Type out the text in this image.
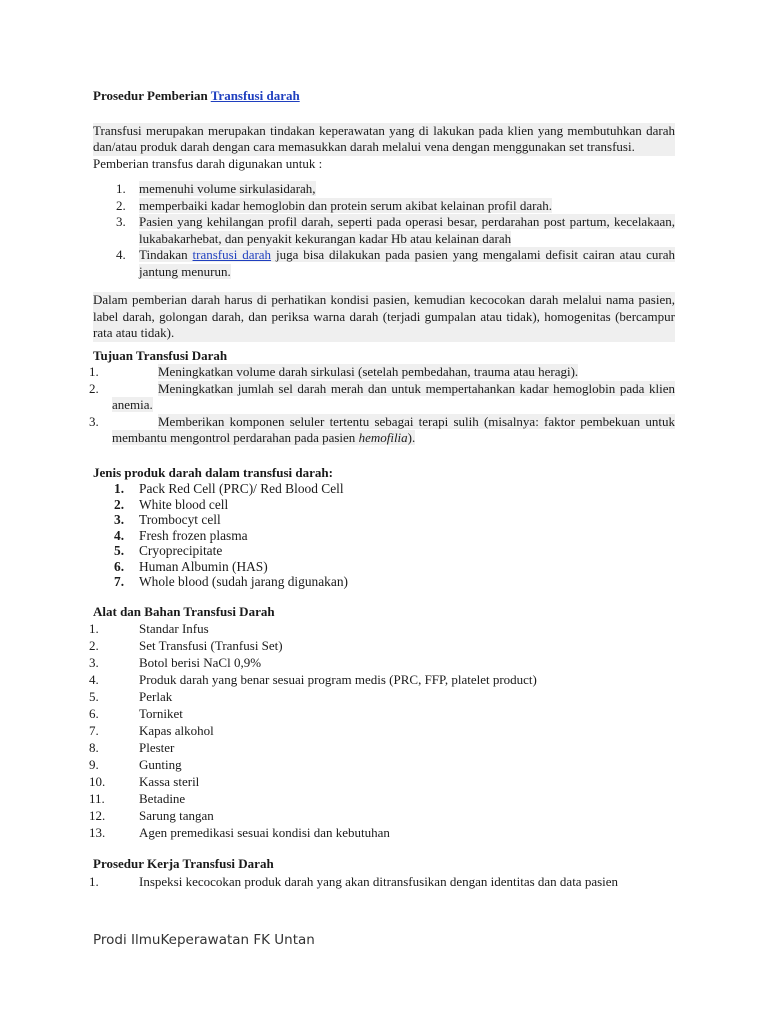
Prosedur Pemberian Transfusi darah

Transfusi merupakan merupakan tindakan keperawatan yang di lakukan pada klien yang membutuhkan darah dan/atau produk darah dengan cara memasukkan darah melalui vena dengan menggunakan set transfusi.

Pemberian transfus darah digunakan untuk :

1.	memenuhi volume sirkulasidarah,
2.	memperbaiki kadar hemoglobin dan protein serum akibat kelainan profil darah.
3.	Pasien yang kehilangan profil darah, seperti pada operasi besar, perdarahan post partum, kecelakaan, lukabakarhebat, dan penyakit kekurangan kadar Hb atau kelainan darah
4.	Tindakan transfusi darah juga bisa dilakukan pada pasien yang mengalami defisit cairan atau curah jantung menurun.

Dalam pemberian darah harus di perhatikan kondisi pasien, kemudian kecocokan darah melalui nama pasien, label darah, golongan darah, dan periksa warna darah (terjadi gumpalan atau tidak), homogenitas (bercampur rata atau tidak).

Tujuan Transfusi Darah
1.	Meningkatkan volume darah sirkulasi (setelah pembedahan, trauma atau heragi).
2.	Meningkatkan jumlah sel darah merah dan untuk mempertahankan kadar hemoglobin pada klien anemia.
3.	Memberikan komponen seluler tertentu sebagai terapi sulih (misalnya: faktor pembekuan untuk membantu mengontrol perdarahan pada pasien hemofilia).
Jenis produk darah dalam transfusi darah:
1. Pack Red Cell (PRC)/ Red Blood Cell
2. White blood cell
3. Trombocyt cell
4. Fresh frozen plasma
5. Cryoprecipitate
6. Human Albumin (HAS)
7. Whole blood (sudah jarang digunakan)
Alat dan Bahan Transfusi Darah
1.	Standar Infus
2.	Set Transfusi (Tranfusi Set)
3.	Botol berisi NaCl 0,9%
4.	Produk darah yang benar sesuai program medis (PRC, FFP, platelet product)
5.	Perlak
6.	Torniket
7.	Kapas alkohol
8.	Plester
9.	Gunting
10.	Kassa steril
11.	Betadine
12.	Sarung tangan
13.	Agen premedikasi sesuai kondisi dan kebutuhan
Prosedur Kerja Transfusi Darah
1.	Inspeksi kecocokan produk darah yang akan ditransfusikan dengan identitas dan data pasien
Prodi IlmuKeperawatan FK Untan
